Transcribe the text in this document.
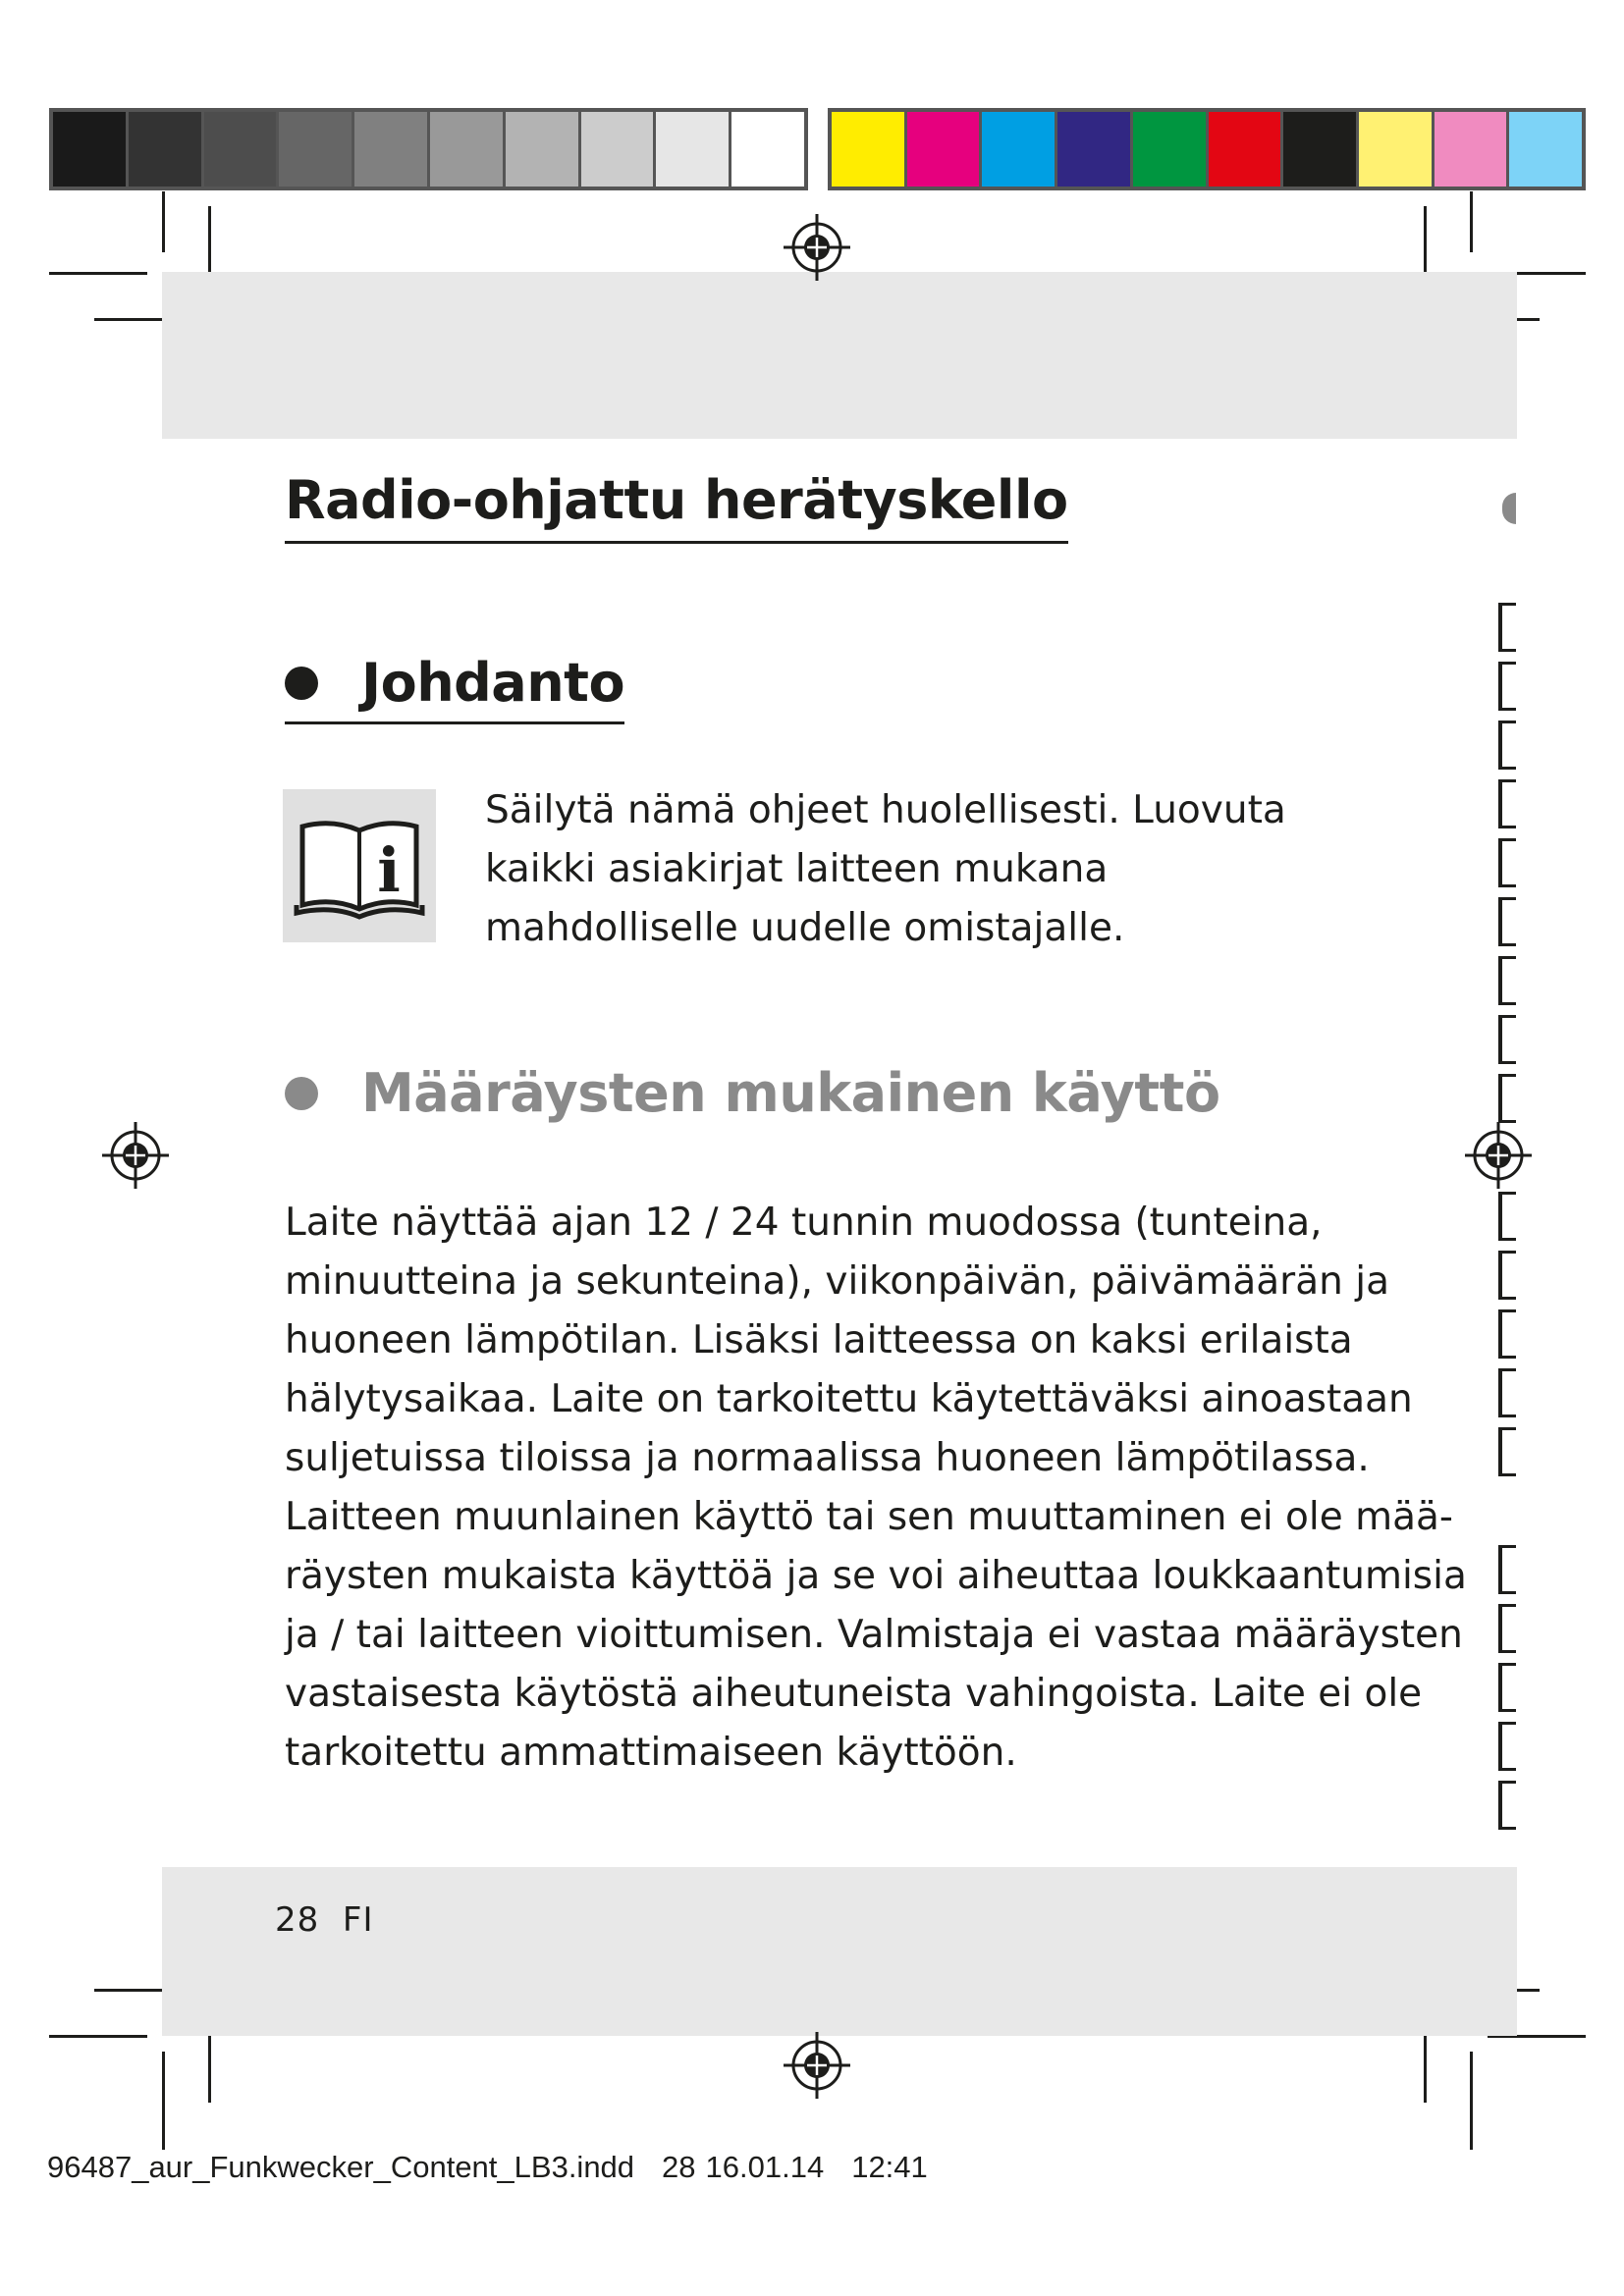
Radio-ohjattu herätyskello
Johdanto
i
Säilytä nämä ohjeet huolellisesti. Luovuta kaikki asiakirjat laitteen mukana mahdolliselle uudelle omistajalle.
Määräysten mukainen käyttö
Laite näyttää ajan 12 / 24 tunnin muodossa (tunteina,
minuutteina ja sekunteina), viikonpäivän, päivämäärän ja
huoneen lämpötilan. Lisäksi laitteessa on kaksi erilaista
hälytysaikaa. Laite on tarkoitettu käytettäväksi ainoastaan
suljetuissa tiloissa ja normaalissa huoneen lämpötilassa.
Laitteen muunlainen käyttö tai sen muuttaminen ei ole mää-
räysten mukaista käyttöä ja se voi aiheuttaa loukkaantumisia
ja / tai laitteen vioittumisen. Valmistaja ei vastaa määräysten
vastaisesta käytöstä aiheutuneista vahingoista. Laite ei ole
tarkoitettu ammattimaiseen käyttöön.
28 FI
96487_aur_Funkwecker_Content_LB3.indd 28 16.01.14 12:41
